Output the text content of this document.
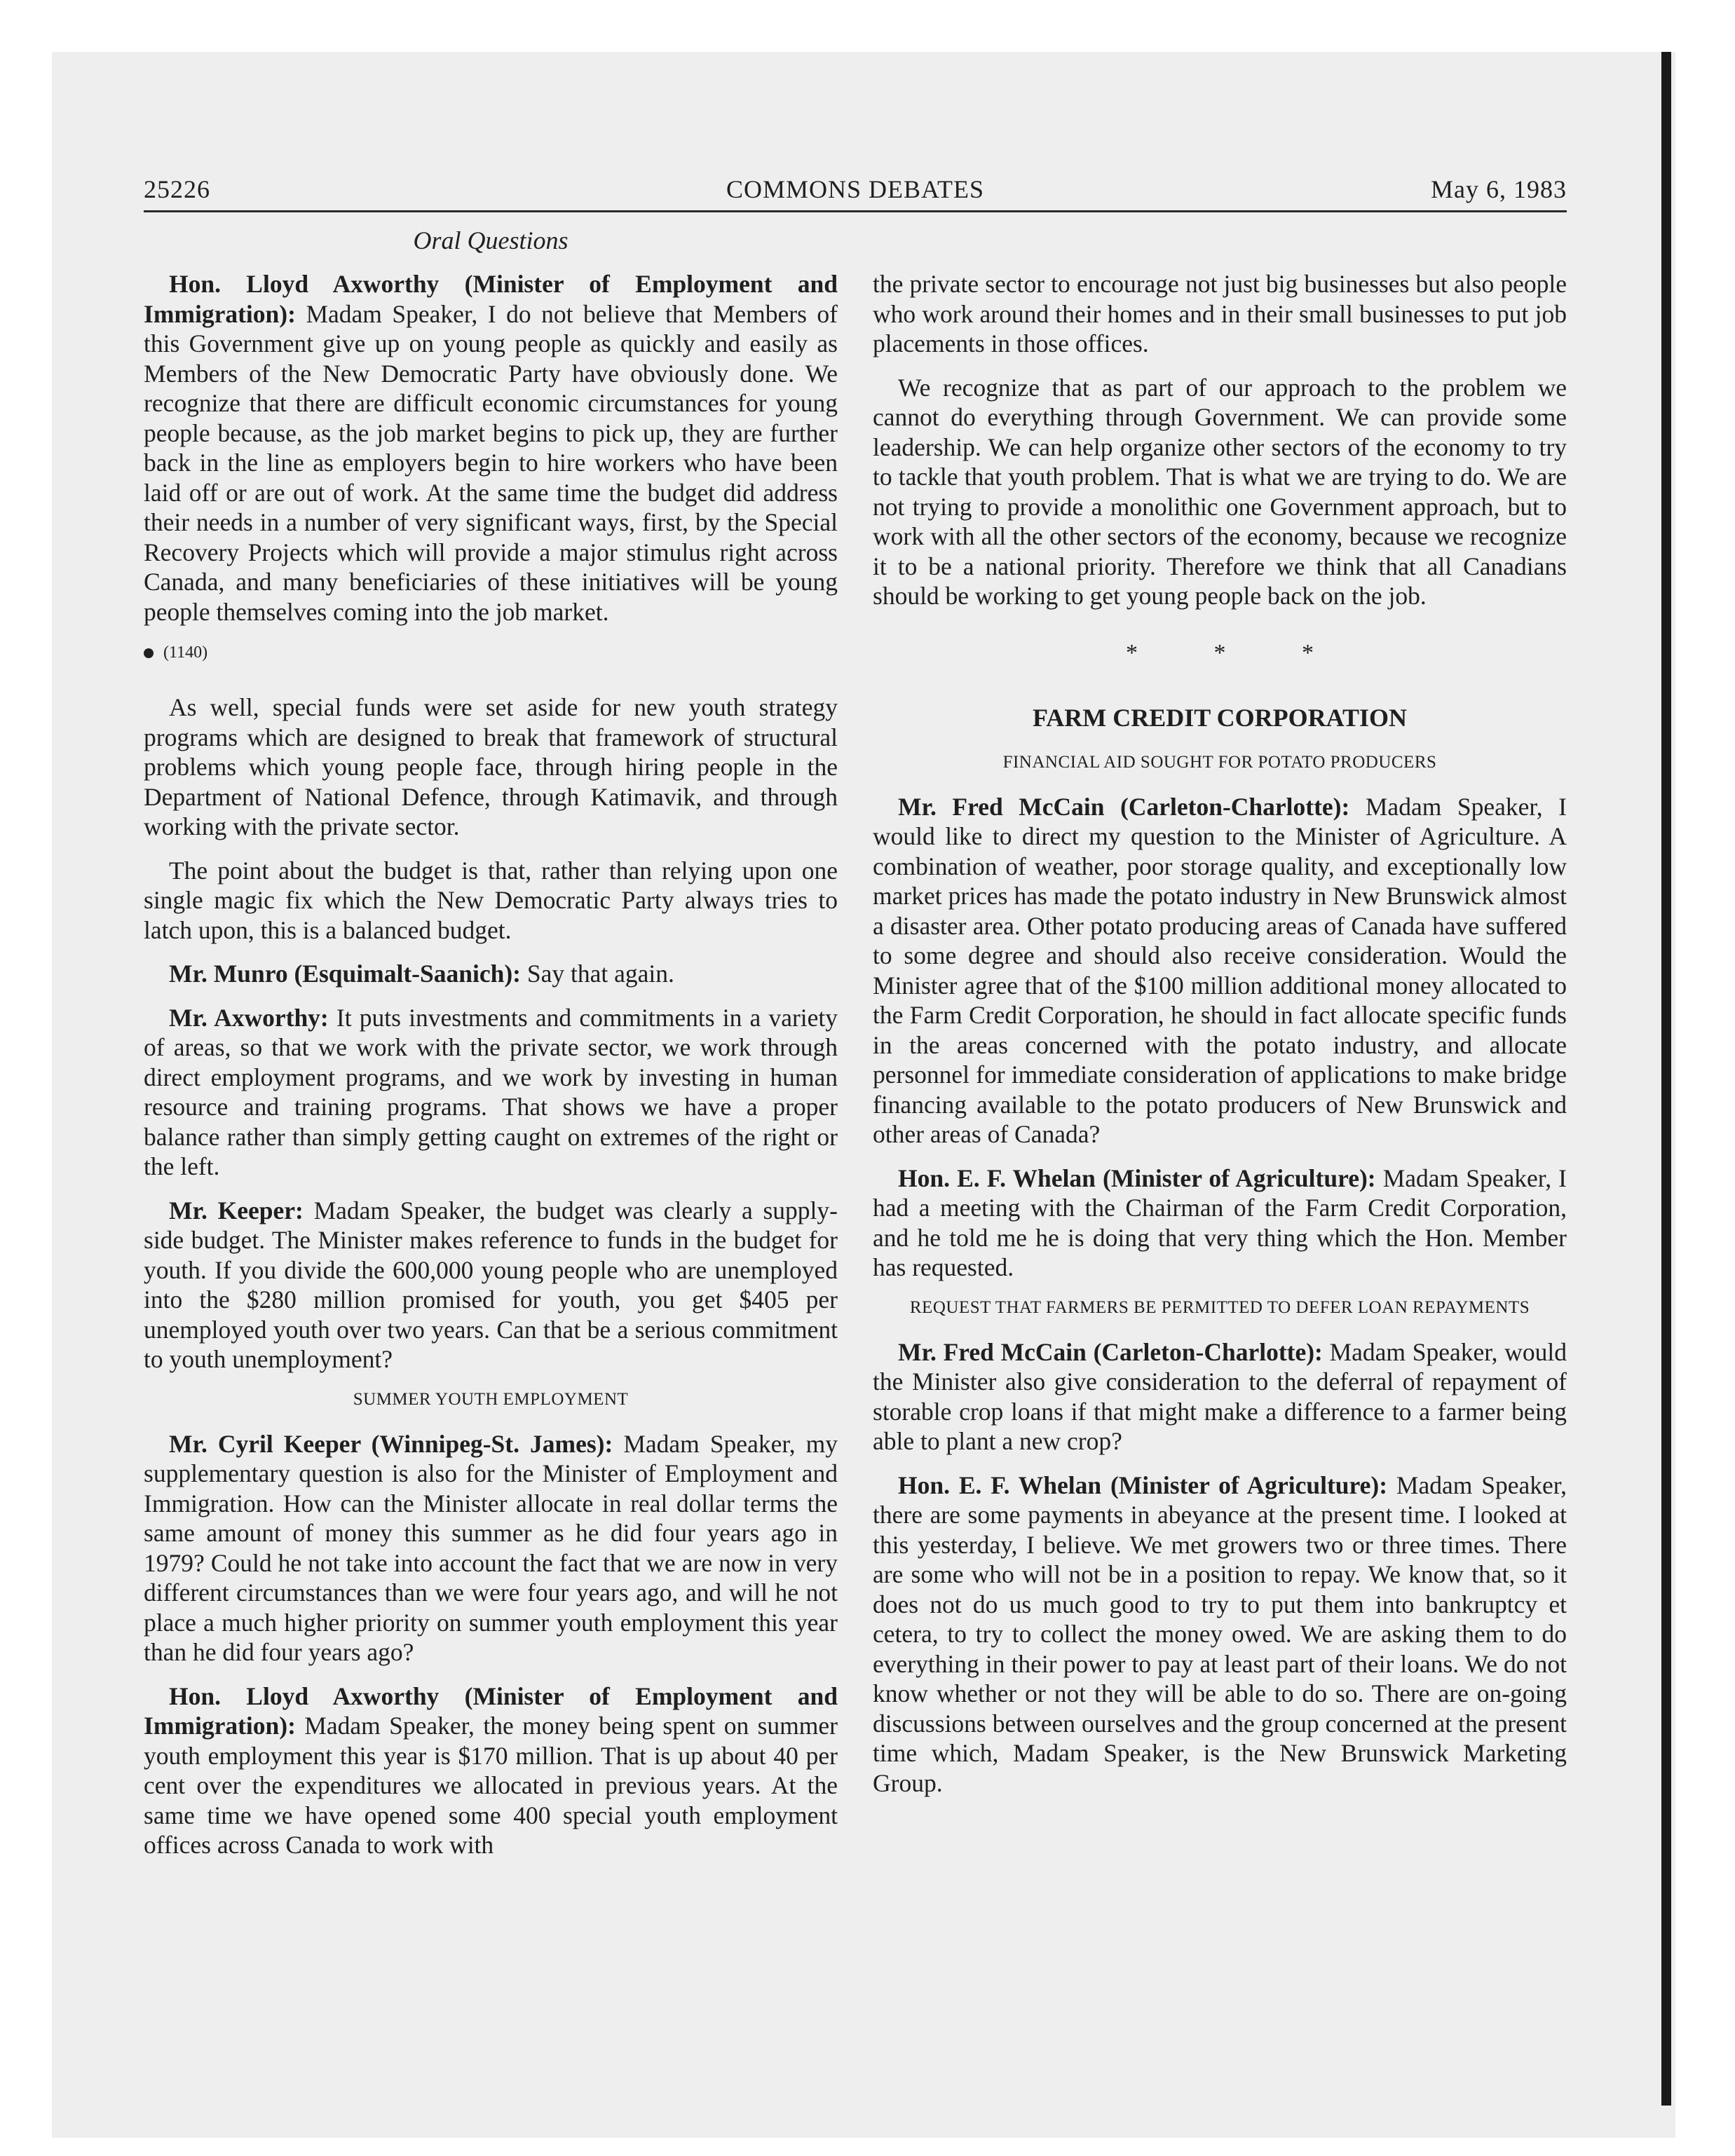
25226	COMMONS DEBATES	May 6, 1983
Oral Questions

Hon. Lloyd Axworthy (Minister of Employment and Immigration): Madam Speaker, I do not believe that Members of this Government give up on young people as quickly and easily as Members of the New Democratic Party have obviously done. We recognize that there are difficult economic circumstances for young people because, as the job market begins to pick up, they are further back in the line as employers begin to hire workers who have been laid off or are out of work. At the same time the budget did address their needs in a number of very significant ways, first, by the Special Recovery Projects which will provide a major stimulus right across Canada, and many beneficiaries of these initiatives will be young people themselves coming into the job market.

(1140)

As well, special funds were set aside for new youth strategy programs which are designed to break that framework of structural problems which young people face, through hiring people in the Department of National Defence, through Katimavik, and through working with the private sector.

The point about the budget is that, rather than relying upon one single magic fix which the New Democratic Party always tries to latch upon, this is a balanced budget.

Mr. Munro (Esquimalt-Saanich): Say that again.

Mr. Axworthy: It puts investments and commitments in a variety of areas, so that we work with the private sector, we work through direct employment programs, and we work by investing in human resource and training programs. That shows we have a proper balance rather than simply getting caught on extremes of the right or the left.

Mr. Keeper: Madam Speaker, the budget was clearly a supply-side budget. The Minister makes reference to funds in the budget for youth. If you divide the 600,000 young people who are unemployed into the $280 million promised for youth, you get $405 per unemployed youth over two years. Can that be a serious commitment to youth unemployment?

SUMMER YOUTH EMPLOYMENT

Mr. Cyril Keeper (Winnipeg-St. James): Madam Speaker, my supplementary question is also for the Minister of Employment and Immigration. How can the Minister allocate in real dollar terms the same amount of money this summer as he did four years ago in 1979? Could he not take into account the fact that we are now in very different circumstances than we were four years ago, and will he not place a much higher priority on summer youth employment this year than he did four years ago?

Hon. Lloyd Axworthy (Minister of Employment and Immigration): Madam Speaker, the money being spent on summer youth employment this year is $170 million. That is up about 40 per cent over the expenditures we allocated in previous years. At the same time we have opened some 400 special youth employment offices across Canada to work with

the private sector to encourage not just big businesses but also people who work around their homes and in their small businesses to put job placements in those offices.

We recognize that as part of our approach to the problem we cannot do everything through Government. We can provide some leadership. We can help organize other sectors of the economy to try to tackle that youth problem. That is what we are trying to do. We are not trying to provide a monolithic one Government approach, but to work with all the other sectors of the economy, because we recognize it to be a national priority. Therefore we think that all Canadians should be working to get young people back on the job.

* * *
FARM CREDIT CORPORATION
FINANCIAL AID SOUGHT FOR POTATO PRODUCERS

Mr. Fred McCain (Carleton-Charlotte): Madam Speaker, I would like to direct my question to the Minister of Agriculture. A combination of weather, poor storage quality, and exceptionally low market prices has made the potato industry in New Brunswick almost a disaster area. Other potato producing areas of Canada have suffered to some degree and should also receive consideration. Would the Minister agree that of the $100 million additional money allocated to the Farm Credit Corporation, he should in fact allocate specific funds in the areas concerned with the potato industry, and allocate personnel for immediate consideration of applications to make bridge financing available to the potato producers of New Brunswick and other areas of Canada?

Hon. E. F. Whelan (Minister of Agriculture): Madam Speaker, I had a meeting with the Chairman of the Farm Credit Corporation, and he told me he is doing that very thing which the Hon. Member has requested.

REQUEST THAT FARMERS BE PERMITTED TO DEFER LOAN REPAYMENTS

Mr. Fred McCain (Carleton-Charlotte): Madam Speaker, would the Minister also give consideration to the deferral of repayment of storable crop loans if that might make a difference to a farmer being able to plant a new crop?

Hon. E. F. Whelan (Minister of Agriculture): Madam Speaker, there are some payments in abeyance at the present time. I looked at this yesterday, I believe. We met growers two or three times. There are some who will not be in a position to repay. We know that, so it does not do us much good to try to put them into bankruptcy et cetera, to try to collect the money owed. We are asking them to do everything in their power to pay at least part of their loans. We do not know whether or not they will be able to do so. There are on-going discussions between ourselves and the group concerned at the present time which, Madam Speaker, is the New Brunswick Marketing Group.
